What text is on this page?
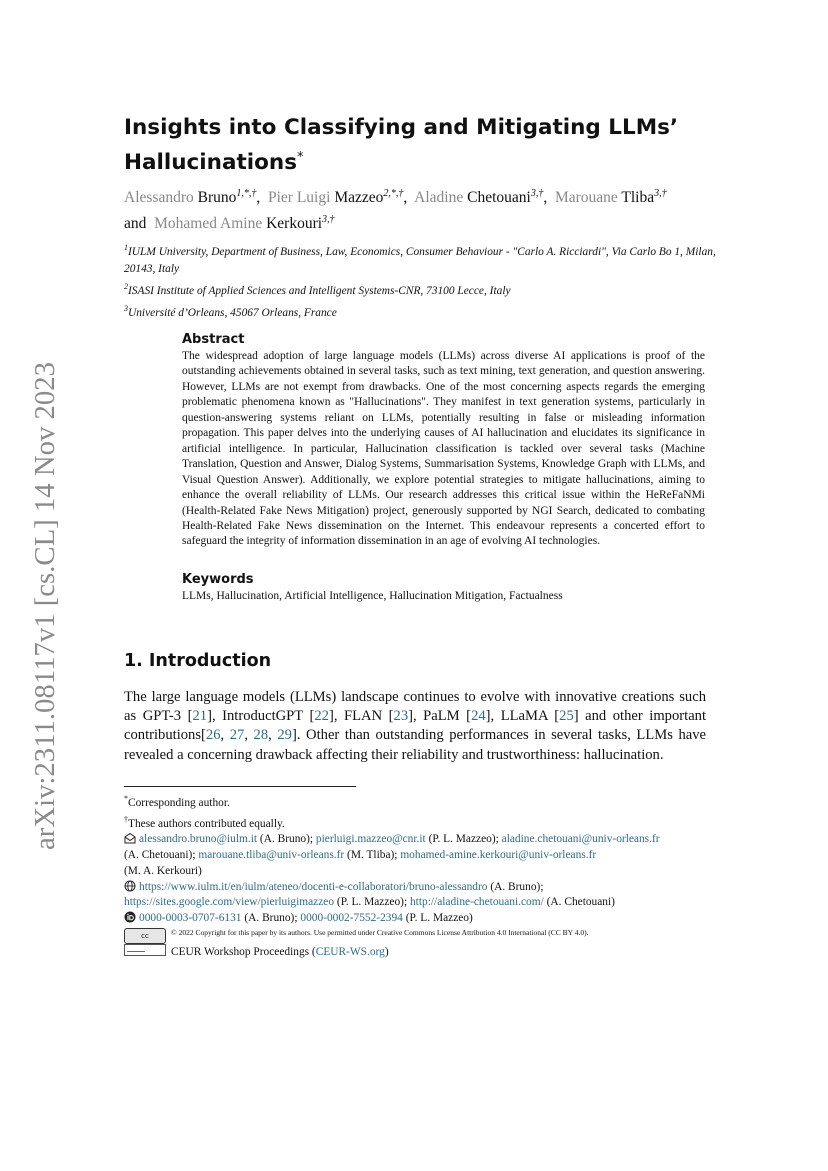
arXiv:2311.08117v1 [cs.CL] 14 Nov 2023
Insights into Classifying and Mitigating LLMs’
Hallucinations*
Alessandro Bruno$^{1,*,\dagger}$,  Pier Luigi Mazzeo$^{2,*,\dagger}$,  Aladine Chetouani$^{3,\dagger}$,  Marouane Tliba$^{3,\dagger}$
and Mohamed Amine Kerkouri$^{3,\dagger}$

$^1$IULM University, Department of Business, Law, Economics, Consumer Behaviour - "Carlo A. Ricciardi", Via Carlo Bo 1, Milan, 20143, Italy

$^2$ISASI Institute of Applied Sciences and Intelligent Systems-CNR, 73100 Lecce, Italy

$^3$Université d’Orleans, 45067 Orleans, France

Abstract

The widespread adoption of large language models (LLMs) across diverse AI applications is proof of the outstanding achievements obtained in several tasks, such as text mining, text generation, and question answering. However, LLMs are not exempt from drawbacks. One of the most concerning aspects regards the emerging problematic phenomena known as "Hallucinations". They manifest in text generation systems, particularly in question-answering systems reliant on LLMs, potentially resulting in false or misleading information propagation. This paper delves into the underlying causes of AI hallucination and elucidates its significance in artificial intelligence. In particular, Hallucination classification is tackled over several tasks (Machine Translation, Question and Answer, Dialog Systems, Summarisation Systems, Knowledge Graph with LLMs, and Visual Question Answer). Additionally, we explore potential strategies to mitigate hallucinations, aiming to enhance the overall reliability of LLMs. Our research addresses this critical issue within the HeReFaNMi (Health-Related Fake News Mitigation) project, generously supported by NGI Search, dedicated to combating Health-Related Fake News dissemination on the Internet. This endeavour represents a concerted effort to safeguard the integrity of information dissemination in an age of evolving AI technologies.

Keywords

LLMs, Hallucination, Artificial Intelligence, Hallucination Mitigation, Factualness

1. Introduction

The large language models (LLMs) landscape continues to evolve with innovative creations such as GPT-3 [21], IntroductGPT [22], FLAN [23], PaLM [24], LLaMA [25] and other important contributions[26, 27, 28, 29]. Other than outstanding performances in several tasks, LLMs have revealed a concerning drawback affecting their reliability and trustworthiness: hallucination.

*Corresponding author.

†These authors contributed equally.

alessandro.bruno@iulm.it (A. Bruno); pierluigi.mazzeo@cnr.it (P. L. Mazzeo); aladine.chetouani@univ-orleans.fr
(A. Chetouani); marouane.tliba@univ-orleans.fr (M. Tliba); mohamed-amine.kerkouri@univ-orleans.fr
(M. A. Kerkouri)

https://www.iulm.it/en/iulm/ateneo/docenti-e-collaboratori/bruno-alessandro (A. Bruno);
https://sites.google.com/view/pierluigimazzeo (P. L. Mazzeo); http://aladine-chetouani.com/ (A. Chetouani)

0000-0003-0707-6131 (A. Bruno); 0000-0002-7552-2394 (P. L. Mazzeo)

cc	© 2022 Copyright for this paper by its authors. Use permitted under Creative Commons License Attribution 4.0 International (CC BY 4.0).

CEUR Workshop Proceedings (CEUR-WS.org)
